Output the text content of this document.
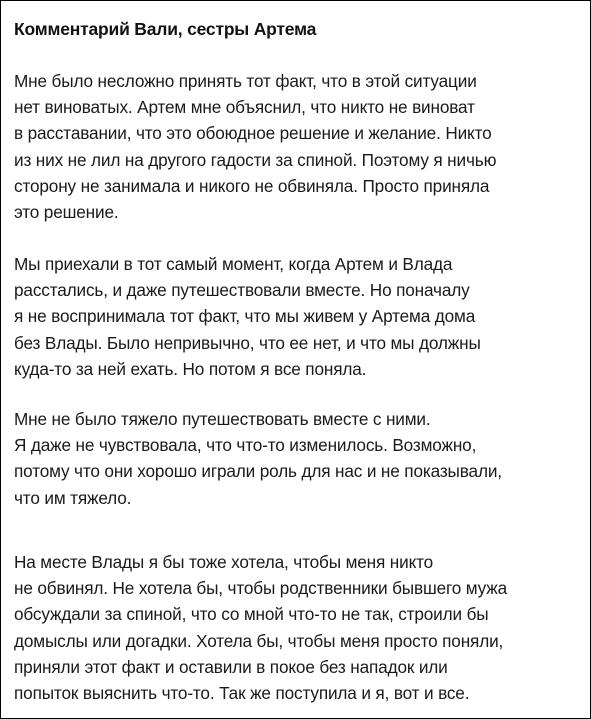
Комментарий Вали, сестры Артема

Мне было несложно принять тот факт, что в этой ситуации
нет виноватых. Артем мне объяснил, что никто не виноват
в расставании, что это обоюдное решение и желание. Никто
из них не лил на другого гадости за спиной. Поэтому я ничью
сторону не занимала и никого не обвиняла. Просто приняла
это решение.

Мы приехали в тот самый момент, когда Артем и Влада
расстались, и даже путешествовали вместе. Но поначалу
я не воспринимала тот факт, что мы живем у Артема дома
без Влады. Было непривычно, что ее нет, и что мы должны
куда-то за ней ехать. Но потом я все поняла.

Мне не было тяжело путешествовать вместе с ними.
Я даже не чувствовала, что что-то изменилось. Возможно,
потому что они хорошо играли роль для нас и не показывали,
что им тяжело.

На месте Влады я бы тоже хотела, чтобы меня никто
не обвинял. Не хотела бы, чтобы родственники бывшего мужа
обсуждали за спиной, что со мной что-то не так, строили бы
домыслы или догадки. Хотела бы, чтобы меня просто поняли,
приняли этот факт и оставили в покое без нападок или
попыток выяснить что-то. Так же поступила и я, вот и все.
